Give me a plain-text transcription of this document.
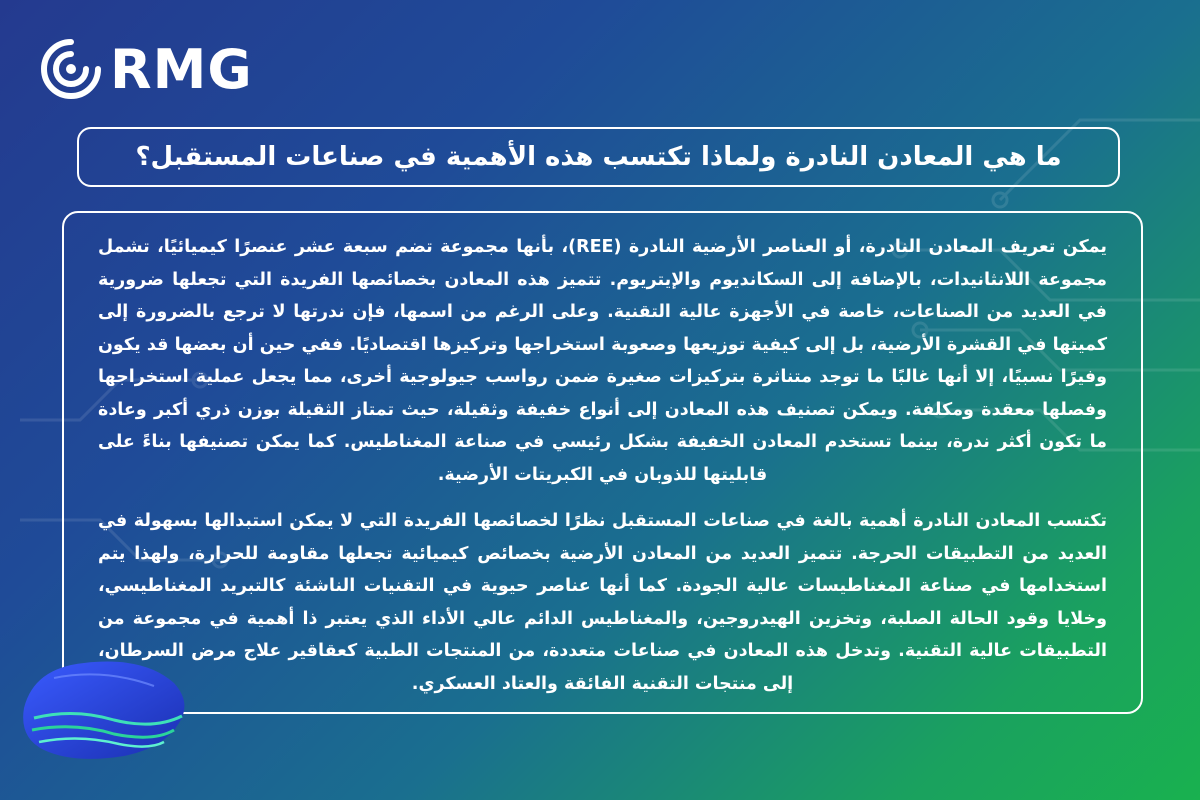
RMG
ما هي المعادن النادرة ولماذا تكتسب هذه الأهمية في صناعات المستقبل؟

يمكن تعريف المعادن النادرة، أو العناصر الأرضية النادرة (REE)، بأنها مجموعة تضم سبعة عشر عنصرًا كيميائيًا، تشمل مجموعة اللانثانيدات، بالإضافة إلى السكانديوم والإيتريوم. تتميز هذه المعادن بخصائصها الفريدة التي تجعلها ضرورية في العديد من الصناعات، خاصة في الأجهزة عالية التقنية. وعلى الرغم من اسمها، فإن ندرتها لا ترجع بالضرورة إلى كميتها في القشرة الأرضية، بل إلى كيفية توزيعها وصعوبة استخراجها وتركيزها اقتصاديًا. ففي حين أن بعضها قد يكون وفيرًا نسبيًا، إلا أنها غالبًا ما توجد متناثرة بتركيزات صغيرة ضمن رواسب جيولوجية أخرى، مما يجعل عملية استخراجها وفصلها معقدة ومكلفة. ويمكن تصنيف هذه المعادن إلى أنواع خفيفة وثقيلة، حيث تمتاز الثقيلة بوزن ذري أكبر وعادة ما تكون أكثر ندرة، بينما تستخدم المعادن الخفيفة بشكل رئيسي في صناعة المغناطيس. كما يمكن تصنيفها بناءً على قابليتها للذوبان في الكبريتات الأرضية.

تكتسب المعادن النادرة أهمية بالغة في صناعات المستقبل نظرًا لخصائصها الفريدة التي لا يمكن استبدالها بسهولة في العديد من التطبيقات الحرجة. تتميز العديد من المعادن الأرضية بخصائص كيميائية تجعلها مقاومة للحرارة، ولهذا يتم استخدامها في صناعة المغناطيسات عالية الجودة. كما أنها عناصر حيوية في التقنيات الناشئة كالتبريد المغناطيسي، وخلايا وقود الحالة الصلبة، وتخزين الهيدروجين، والمغناطيس الدائم عالي الأداء الذي يعتبر ذا أهمية في مجموعة من التطبيقات عالية التقنية. وتدخل هذه المعادن في صناعات متعددة، من المنتجات الطبية كعقاقير علاج مرض السرطان، إلى منتجات التقنية الفائقة والعتاد العسكري.
